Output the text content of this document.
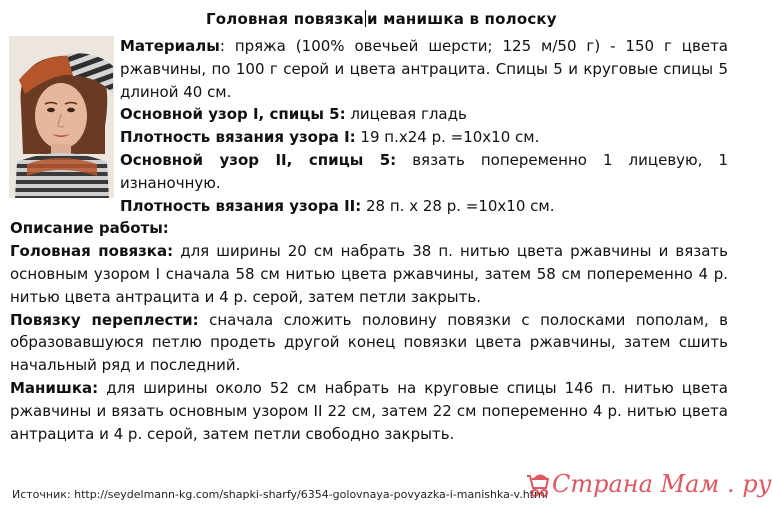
Головная повязка и манишка в полоску

Материалы: пряжа (100% овечьей шерсти; 125 м/50 г) - 150 г цвета ржавчины, по 100 г серой и цвета антрацита. Спицы 5 и круговые спицы 5 длиной 40 см.

Основной узор I, спицы 5: лицевая гладь

Плотность вязания узора I: 19 п.х24 р. =10х10 см.

Основной узор II, спицы 5: вязать попеременно 1 лицевую, 1 изнаночную.

Плотность вязания узора II: 28 п. х 28 р. =10х10 см.

Описание работы:

Головная повязка: для ширины 20 см набрать 38 п. нитью цвета ржавчины и вязать основным узором I сначала 58 см нитью цвета ржавчины, затем 58 см попеременно 4 р. нитью цвета антрацита и 4 р. серой, затем петли закрыть.

Повязку переплести: сначала сложить половину повязки с полосками пополам, в образовавшуюся петлю продеть другой конец повязки цвета ржавчины, затем сшить начальный ряд и последний.

Манишка: для ширины около 52 см набрать на круговые спицы 146 п. нитью цвета ржавчины и вязать основным узором II 22 см, затем 22 см попеременно 4 р. нитью цвета антрацита и 4 р. серой, затем петли свободно закрыть.

Источник: http://seydelmann-kg.com/shapki-sharfy/6354-golovnaya-povyazka-i-manishka-v.html Страна Мам . ру
